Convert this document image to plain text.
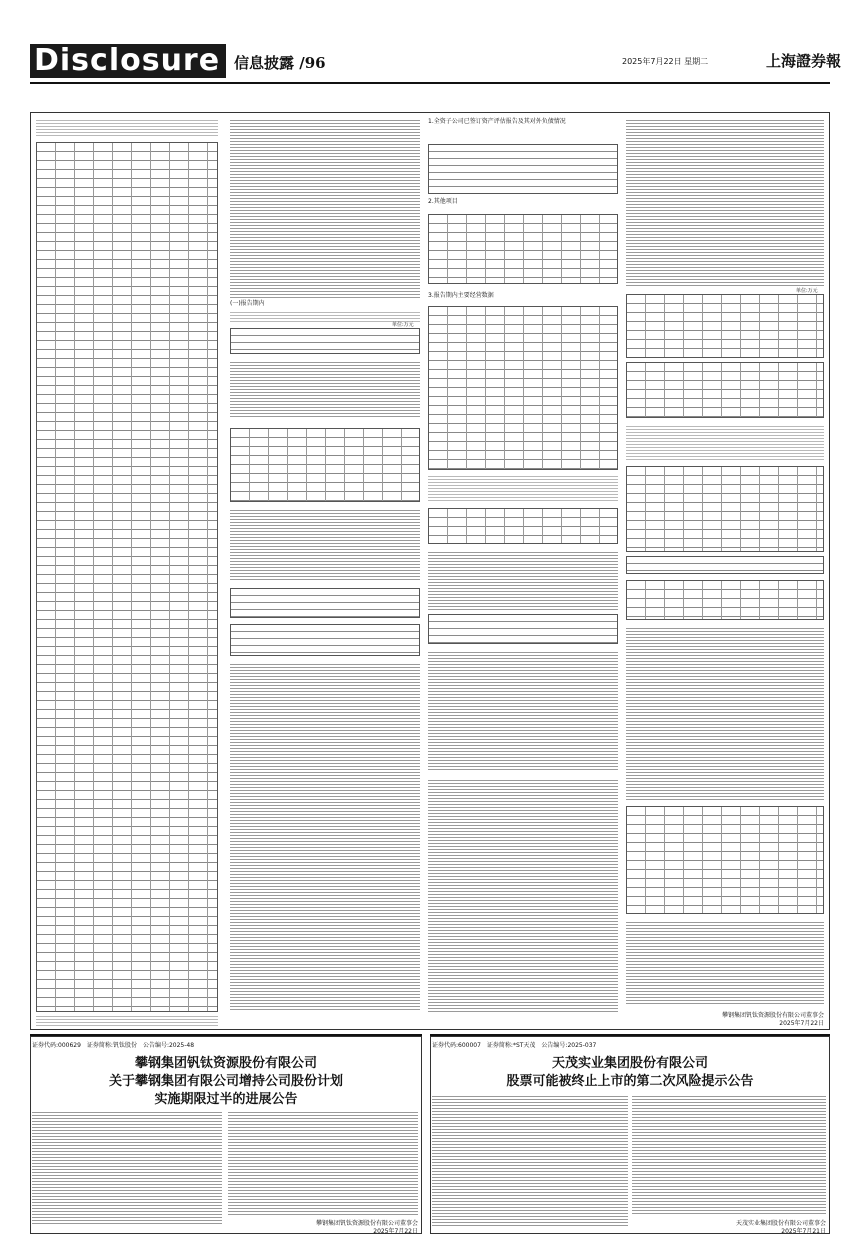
Disclosure 信息披露 /96	2025年7月22日 星期二	上海證券報
(一)报告期内
单位:万元
1.全资子公司已签订资产评估报告及其对外负债情况
2.其他项目
3.报告期内主要经营数据
单位:万元
攀钢集团钒钛资源股份有限公司董事会
2025年7月22日
证券代码:000629　证券简称:钒钛股份　公告编号:2025-48
攀钢集团钒钛资源股份有限公司
关于攀钢集团有限公司增持公司股份计划
实施期限过半的进展公告
攀钢集团钒钛资源股份有限公司董事会
2025年7月22日
证券代码:600007　证券简称:*ST天茂　公告编号:2025-037
天茂实业集团股份有限公司
股票可能被终止上市的第二次风险提示公告
天茂实业集团股份有限公司董事会
2025年7月21日
